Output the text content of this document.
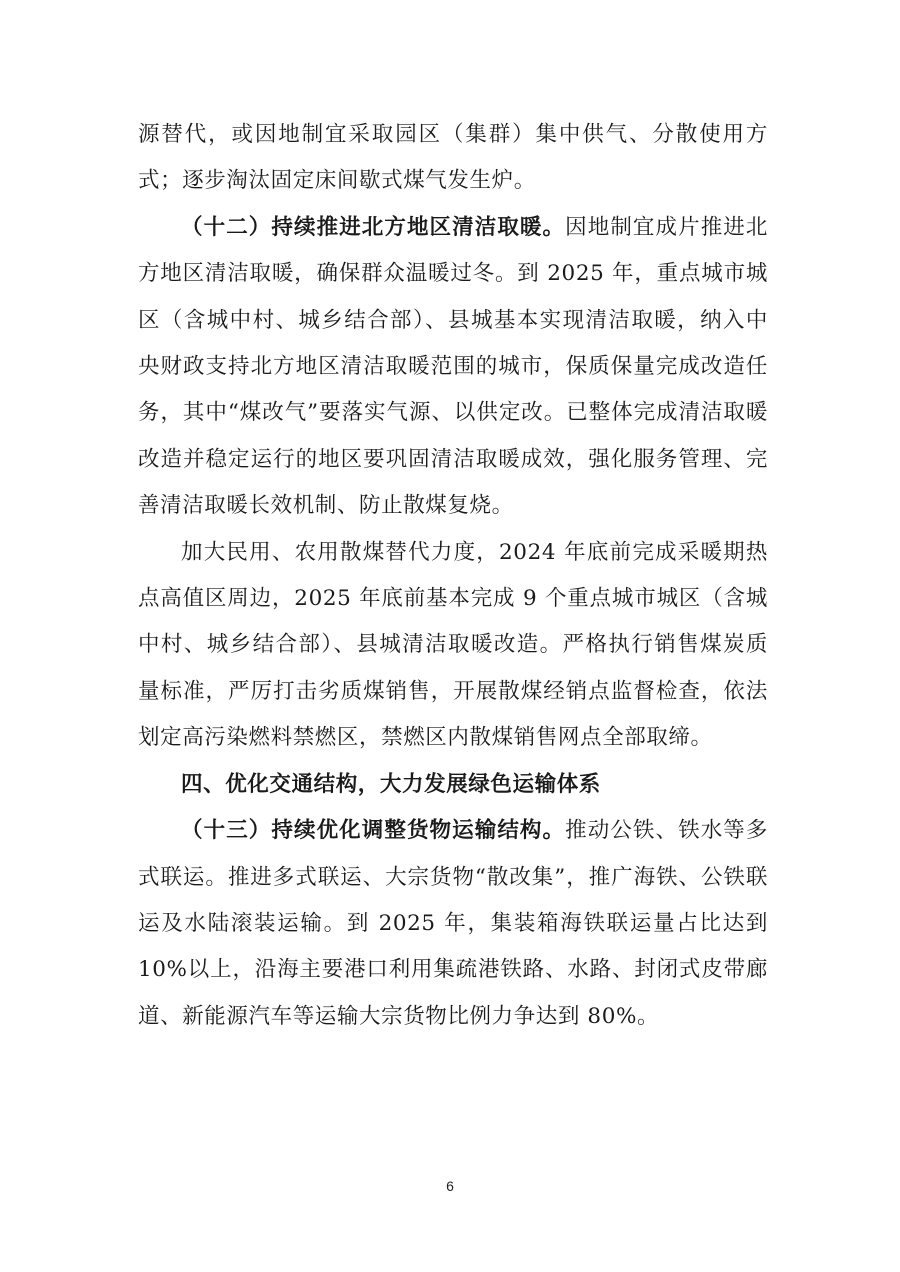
源替代，或因地制宜采取园区（集群）集中供气、分散使用方式；逐步淘汰固定床间歇式煤气发生炉。

（十二）持续推进北方地区清洁取暖。因地制宜成片推进北方地区清洁取暖，确保群众温暖过冬。到 2025 年，重点城市城区（含城中村、城乡结合部）、县城基本实现清洁取暖，纳入中央财政支持北方地区清洁取暖范围的城市，保质保量完成改造任务，其中“煤改气”要落实气源、以供定改。已整体完成清洁取暖改造并稳定运行的地区要巩固清洁取暖成效，强化服务管理、完善清洁取暖长效机制、防止散煤复烧。

加大民用、农用散煤替代力度，2024 年底前完成采暖期热点高值区周边，2025 年底前基本完成 9 个重点城市城区（含城中村、城乡结合部）、县城清洁取暖改造。严格执行销售煤炭质量标准，严厉打击劣质煤销售，开展散煤经销点监督检查，依法划定高污染燃料禁燃区，禁燃区内散煤销售网点全部取缔。

四、优化交通结构，大力发展绿色运输体系

（十三）持续优化调整货物运输结构。推动公铁、铁水等多式联运。推进多式联运、大宗货物“散改集”，推广海铁、公铁联运及水陆滚装运输。到 2025 年，集装箱海铁联运量占比达到 10%以上，沿海主要港口利用集疏港铁路、水路、封闭式皮带廊道、新能源汽车等运输大宗货物比例力争达到 80%。

6
